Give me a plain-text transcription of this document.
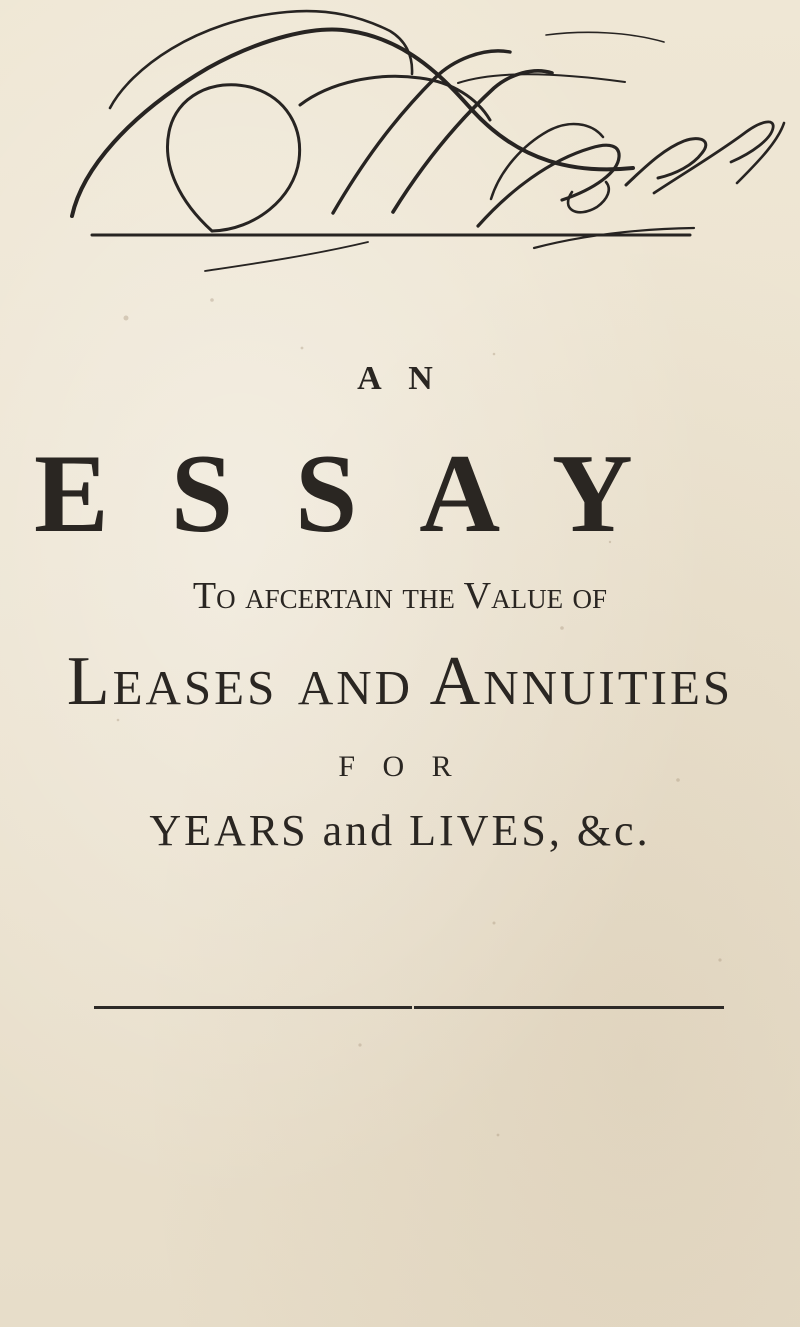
A N
ESSAY
To afcertain the Value of
Leases and Annuities
F O R
YEARS and LIVES, &c.
